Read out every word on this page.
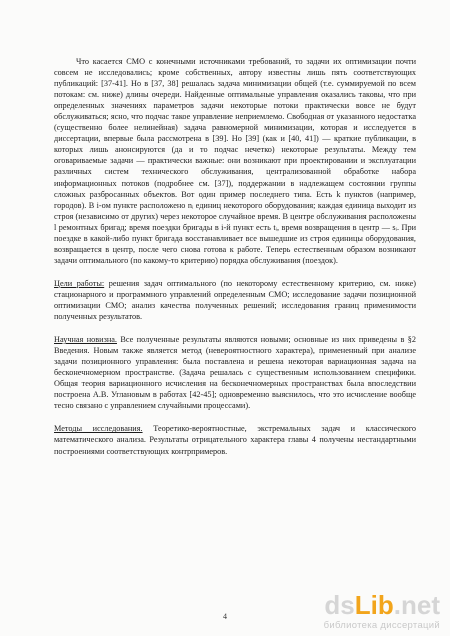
Что касается СМО с конечными источниками требований, то задачи их оптимизации почти совсем не исследовались; кроме собственных, автору известны лишь пять соответствующих публикаций: [37-41]. Но в [37, 38] решалась задача минимизации общей (т.е. суммируемой по всем потокам: см. ниже) длины очереди. Найденные оптимальные управления оказались таковы, что при определенных значениях параметров задачи некоторые потоки практически вовсе не будут обслуживаться; ясно, что подчас такое управление неприемлемо. Свободная от указанного недостатка (существенно более нелинейная) задача равномерной минимизации, которая и исследуется в диссертации, впервые была рассмотрена в [39]. Но [39] (как и [40, 41]) — краткие публикации, в которых лишь анонсируются (да и то подчас нечетко) некоторые результаты. Между тем оговариваемые задачи — практически важные: они возникают при проектировании и эксплуатации различных систем технического обслуживания, централизованной обработке набора информационных потоков (подробнее см. [37]), поддержании в надлежащем состоянии группы сложных разбросанных объектов. Вот один пример последнего типа. Есть k пунктов (например, городов). В i-ом пункте расположено nᵢ единиц некоторого оборудования; каждая единица выходит из строя (независимо от других) через некоторое случайное время. В центре обслуживания расположены l ремонтных бригад; время поездки бригады в i-й пункт есть tᵢ, время возвращения в центр — sᵢ. При поездке в какой-либо пункт бригада восстанавливает все вышедшие из строя единицы оборудования, возвращается в центр, после чего снова готова к работе. Теперь естественным образом возникают задачи оптимального (по какому-то критерию) порядка обслуживания (поездок).

Цели работы: решения задач оптимального (по некоторому естественному критерию, см. ниже) стационарного и программного управлений определенным СМО; исследование задачи позиционной оптимизации СМО; анализ качества полученных решений; исследования границ применимости полученных результатов.

Научная новизна. Все полученные результаты являются новыми; основные из них приведены в §2 Введения. Новым также является метод (невероятностного характера), примененный при анализе задачи позиционного управления: была поставлена и решена некоторая вариационная задача на бесконечномерном пространстве. (Задача решалась с существенным использованием специфики. Общая теория вариационного исчисления на бесконечномерных пространствах была впоследствии построена А.В. Углановым в работах [42-45]; одновременно выяснилось, что это исчисление вообще тесно связано с управлением случайными процессами).

Методы исследования. Теоретико-вероятностные, экстремальных задач и классического математического анализа. Результаты отрицательного характера главы 4 получены нестандартными построениями соответствующих контрпримеров.

4	dsLib.net
библиотека диссертаций
